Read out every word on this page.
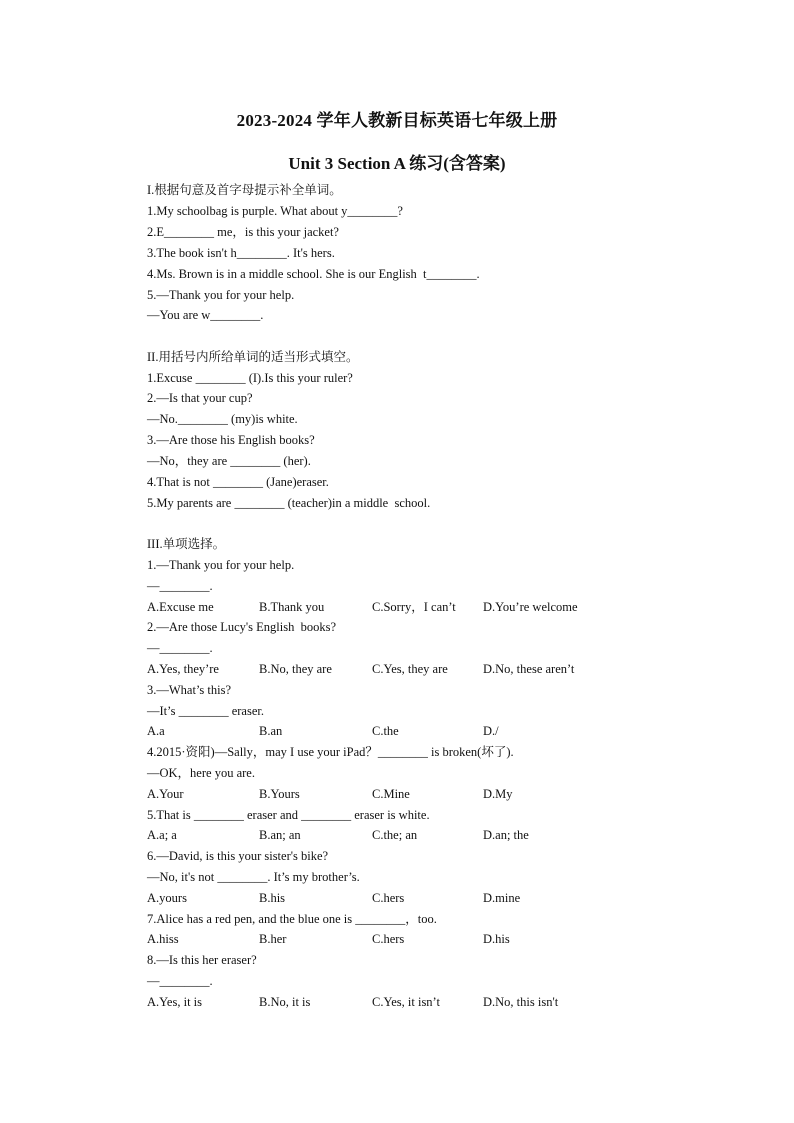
2023-2024 学年人教新目标英语七年级上册
Unit 3 Section A 练习(含答案)
I.根据句意及首字母提示补全单词。
1.My schoolbag is purple. What about y________?
2.E________ me，is this your jacket?
3.The book isn't h________. It's hers.
4.Ms. Brown is in a middle school. She is our English  t________.
5.—Thank you for your help.
—You are w________.
II.用括号内所给单词的适当形式填空。
1.Excuse ________ (I).Is this your ruler?
2.—Is that your cup?
—No.________ (my)is white.
3.—Are those his English books?
—No，they are ________ (her).
4.That is not ________ (Jane)eraser.
5.My parents are ________ (teacher)in a middle  school.
III.单项选择。
1.—Thank you for your help.
—________.
A.Excuse me	B.Thank you	C.Sorry，I can’t D.You’re welcome
2.—Are those Lucy's English  books?
—________.
A.Yes, they’re	B.No, they are	C.Yes, they are	D.No, these aren’t
3.—What’s this?
—It’s ________ eraser.
A.a	B.an	C.the	D./
4.2015·资阳)—Sally，may I use your iPad？________ is broken(坏了).
—OK，here you are.
A.Your	B.Yours	C.Mine	D.My
5.That is ________ eraser and ________ eraser is white.
A.a; a	B.an; an	C.the; an	D.an; the
6.—David, is this your sister's bike?
—No, it's not ________. It’s my brother’s.
A.yours	B.his	C.hers	D.mine
7.Alice has a red pen, and the blue one is ________，too.
A.hiss	B.her	C.hers	D.his
8.—Is this her eraser?
—________.
A.Yes, it is	B.No, it is	C.Yes, it isn’t	D.No, this isn't
